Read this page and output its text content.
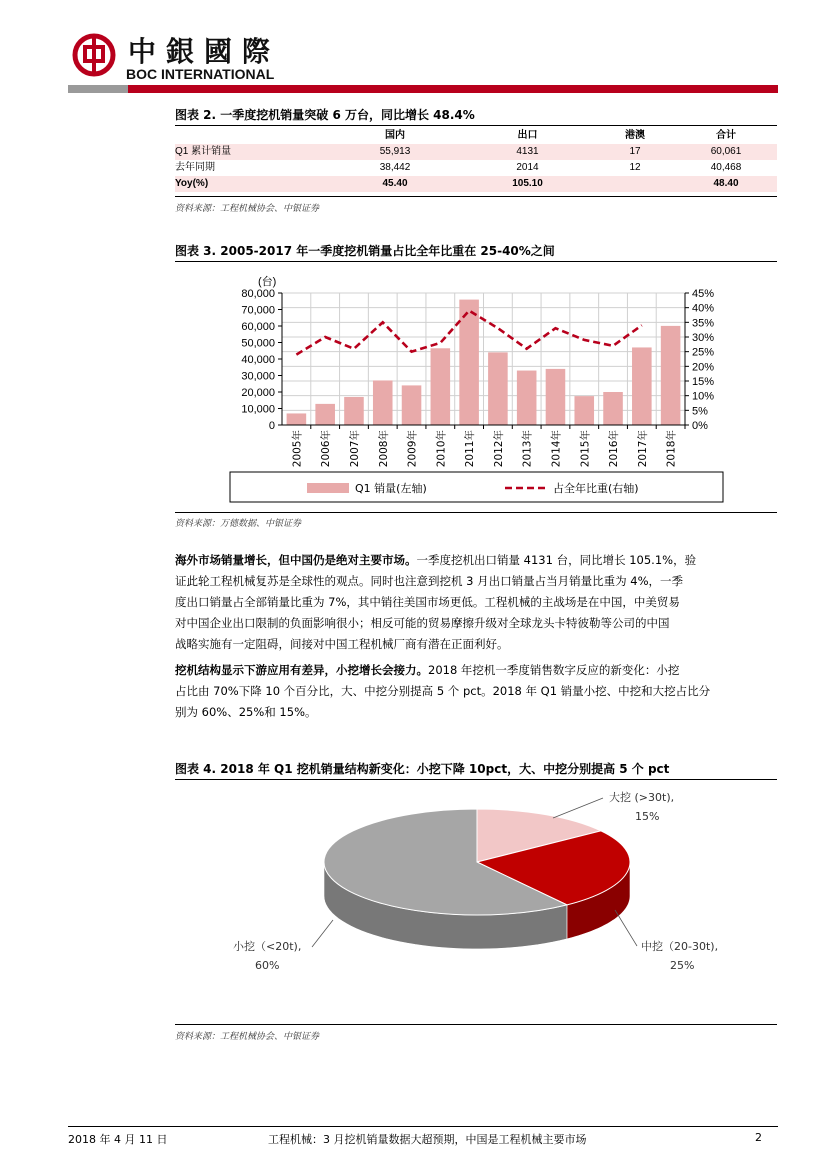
中銀國際
BOC INTERNATIONAL
图表 2. 一季度挖机销量突破 6 万台，同比增长 48.4%
	国内	出口	港澳	合计
Q1 累计销量	55,913	4131	17	60,061
去年同期	38,442	2014	12	40,468
Yoy(%)	45.40	105.10		48.40
资料来源：工程机械协会、中银证券
图表 3. 2005-2017 年一季度挖机销量占比全年比重在 25-40%之间
0
10,000
20,000
30,000
40,000
50,000
60,000
70,000
80,000
0%
5%
10%
15%
20%
25%
30%
35%
40%
45%
(台)
2005年 2006年 2007年 2008年 2009年 2010年 2011年 2012年 2013年 2014年 2015年 2016年 2017年 2018年
Q1 销量(左轴)	占全年比重(右轴)
资料来源：万德数据、中银证券
海外市场销量增长，但中国仍是绝对主要市场。一季度挖机出口销量 4131 台，同比增长 105.1%，验
证此轮工程机械复苏是全球性的观点。同时也注意到挖机 3 月出口销量占当月销量比重为 4%，一季
度出口销量占全部销量比重为 7%，其中销往美国市场更低。工程机械的主战场是在中国，中美贸易
对中国企业出口限制的负面影响很小；相反可能的贸易摩擦升级对全球龙头卡特彼勒等公司的中国
战略实施有一定阻碍，间接对中国工程机械厂商有潜在正面利好。
挖机结构显示下游应用有差异，小挖增长会接力。2018 年挖机一季度销售数字反应的新变化：小挖
占比由 70%下降 10 个百分比，大、中挖分别提高 5 个 pct。2018 年 Q1 销量小挖、中挖和大挖占比分
别为 60%、25%和 15%。
图表 4. 2018 年 Q1 挖机销量结构新变化：小挖下降 10pct，大、中挖分别提高 5 个 pct
大挖 (>30t),
15%
中挖（20-30t),
25%
小挖（<20t),
60%
资料来源：工程机械协会、中银证券
2018 年 4 月 11 日	工程机械：3 月挖机销量数据大超预期，中国是工程机械主要市场	2
